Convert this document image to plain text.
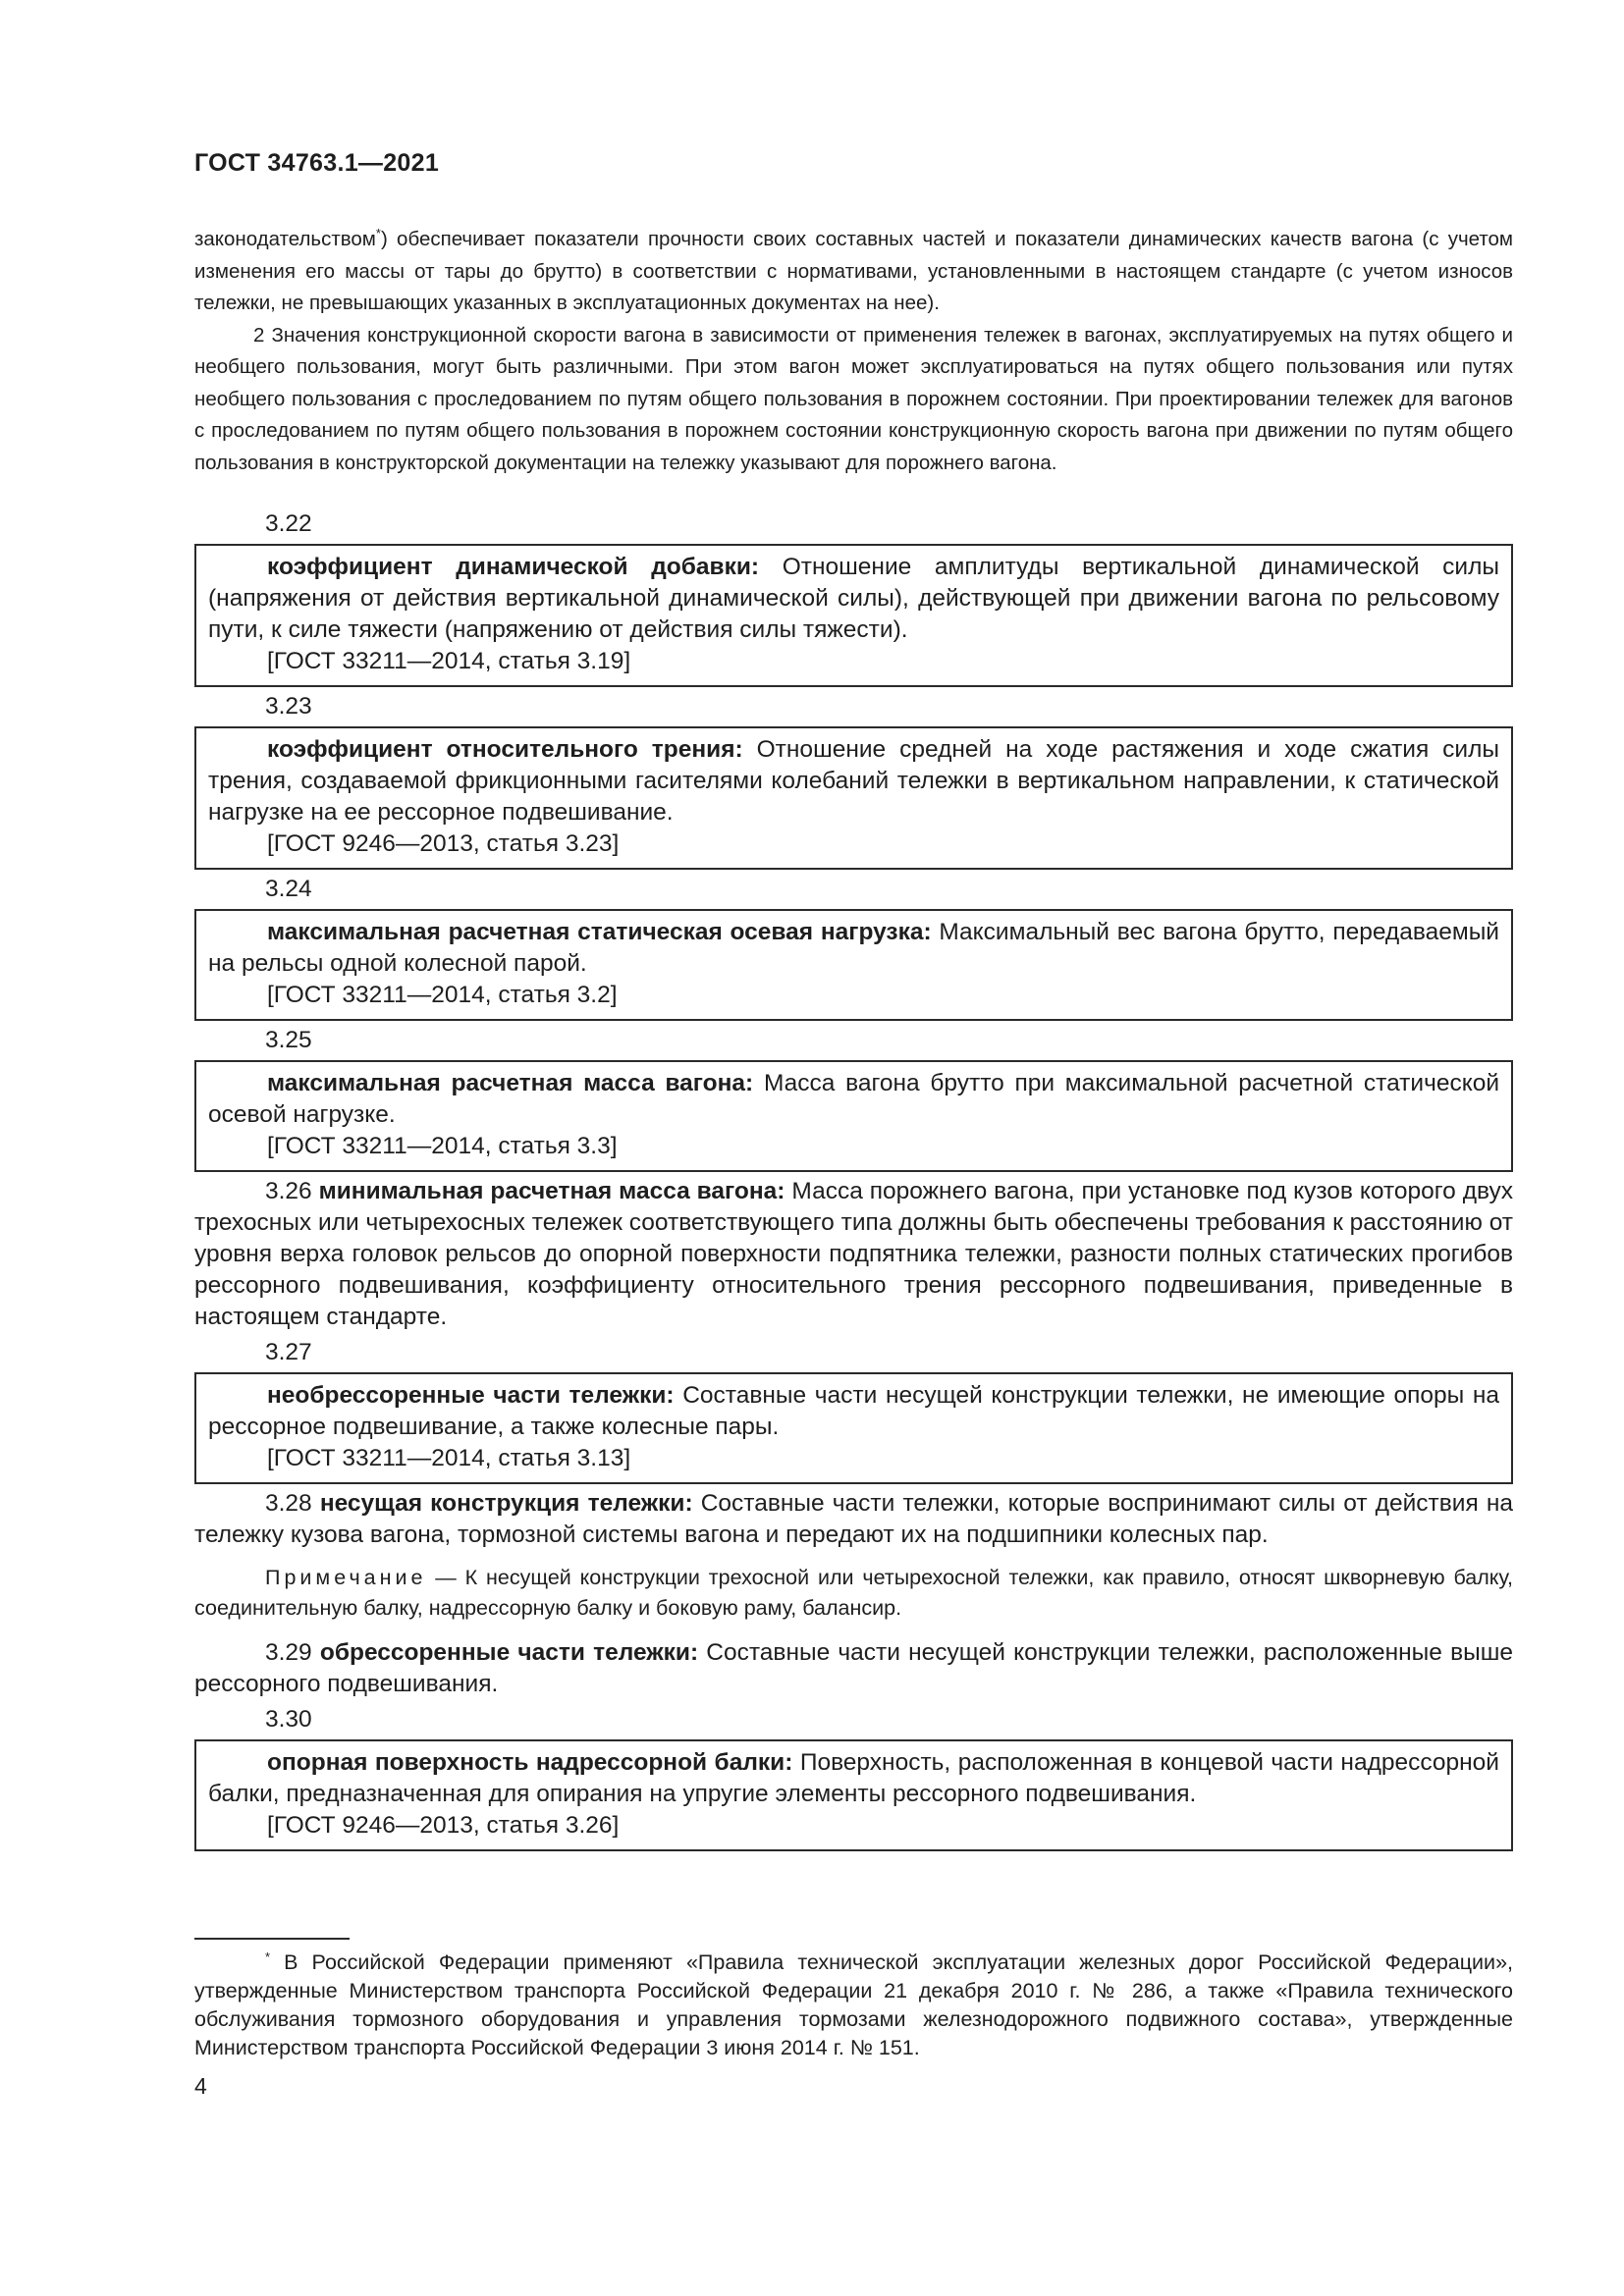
ГОСТ 34763.1—2021

законодательством*) обеспечивает показатели прочности своих составных частей и показатели динамических качеств вагона (с учетом изменения его массы от тары до брутто) в соответствии с нормативами, установленными в настоящем стандарте (с учетом износов тележки, не превышающих указанных в эксплуатационных документах на нее).

2 Значения конструкционной скорости вагона в зависимости от применения тележек в вагонах, эксплуатируемых на путях общего и необщего пользования, могут быть различными. При этом вагон может эксплуатироваться на путях общего пользования или путях необщего пользования с проследованием по путям общего пользования в порожнем состоянии. При проектировании тележек для вагонов с проследованием по путям общего пользования в порожнем состоянии конструкционную скорость вагона при движении по путям общего пользования в конструкторской документации на тележку указывают для порожнего вагона.

3.22

коэффициент динамической добавки: Отношение амплитуды вертикальной динамической силы (напряжения от действия вертикальной динамической силы), действующей при движении вагона по рельсовому пути, к силе тяжести (напряжению от действия силы тяжести).

[ГОСТ 33211—2014, статья 3.19]

3.23

коэффициент относительного трения: Отношение средней на ходе растяжения и ходе сжатия силы трения, создаваемой фрикционными гасителями колебаний тележки в вертикальном направлении, к статической нагрузке на ее рессорное подвешивание.

[ГОСТ 9246—2013, статья 3.23]

3.24

максимальная расчетная статическая осевая нагрузка: Максимальный вес вагона брутто, передаваемый на рельсы одной колесной парой.

[ГОСТ 33211—2014, статья 3.2]

3.25

максимальная расчетная масса вагона: Масса вагона брутто при максимальной расчетной статической осевой нагрузке.

[ГОСТ 33211—2014, статья 3.3]

3.26 минимальная расчетная масса вагона: Масса порожнего вагона, при установке под кузов которого двух трехосных или четырехосных тележек соответствующего типа должны быть обеспечены требования к расстоянию от уровня верха головок рельсов до опорной поверхности подпятника тележки, разности полных статических прогибов рессорного подвешивания, коэффициенту относительного трения рессорного подвешивания, приведенные в настоящем стандарте.

3.27

необрессоренные части тележки: Составные части несущей конструкции тележки, не имеющие опоры на рессорное подвешивание, а также колесные пары.

[ГОСТ 33211—2014, статья 3.13]

3.28 несущая конструкция тележки: Составные части тележки, которые воспринимают силы от действия на тележку кузова вагона, тормозной системы вагона и передают их на подшипники колесных пар.

Примечание — К несущей конструкции трехосной или четырехосной тележки, как правило, относят шкворневую балку, соединительную балку, надрессорную балку и боковую раму, балансир.

3.29 обрессоренные части тележки: Составные части несущей конструкции тележки, расположенные выше рессорного подвешивания.

3.30

опорная поверхность надрессорной балки: Поверхность, расположенная в концевой части надрессорной балки, предназначенная для опирания на упругие элементы рессорного подвешивания.

[ГОСТ 9246—2013, статья 3.26]

* В Российской Федерации применяют «Правила технической эксплуатации железных дорог Российской Федерации», утвержденные Министерством транспорта Российской Федерации 21 декабря 2010 г. № 286, а также «Правила технического обслуживания тормозного оборудования и управления тормозами железнодорожного подвижного состава», утвержденные Министерством транспорта Российской Федерации 3 июня 2014 г. № 151.

4
